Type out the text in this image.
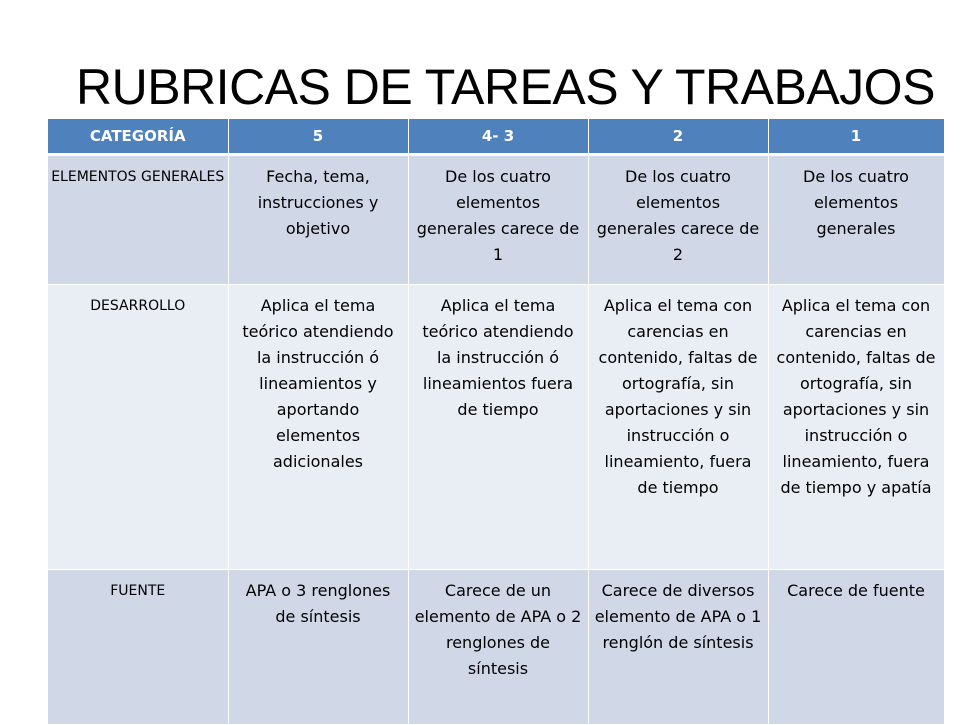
RUBRICAS DE TAREAS Y TRABAJOS
CATEGORÍA	5	4- 3	2	1
ELEMENTOS GENERALES	Fecha, tema, instrucciones y objetivo	De los cuatro elementos generales carece de 1	De los cuatro elementos generales carece de 2	De los cuatro elementos generales
DESARROLLO	Aplica el tema teórico atendiendo la instrucción ó lineamientos y aportando elementos adicionales	Aplica el tema teórico atendiendo la instrucción ó lineamientos fuera de tiempo	Aplica el tema con carencias en contenido, faltas de ortografía, sin aportaciones y sin instrucción o lineamiento, fuera de tiempo	Aplica el tema con carencias en contenido, faltas de ortografía, sin aportaciones y sin instrucción o lineamiento, fuera de tiempo y apatía
FUENTE	APA o 3 renglones de síntesis	Carece de un elemento de APA o 2 renglones de síntesis	Carece de diversos elemento de APA o 1 renglón de síntesis	Carece de fuente
